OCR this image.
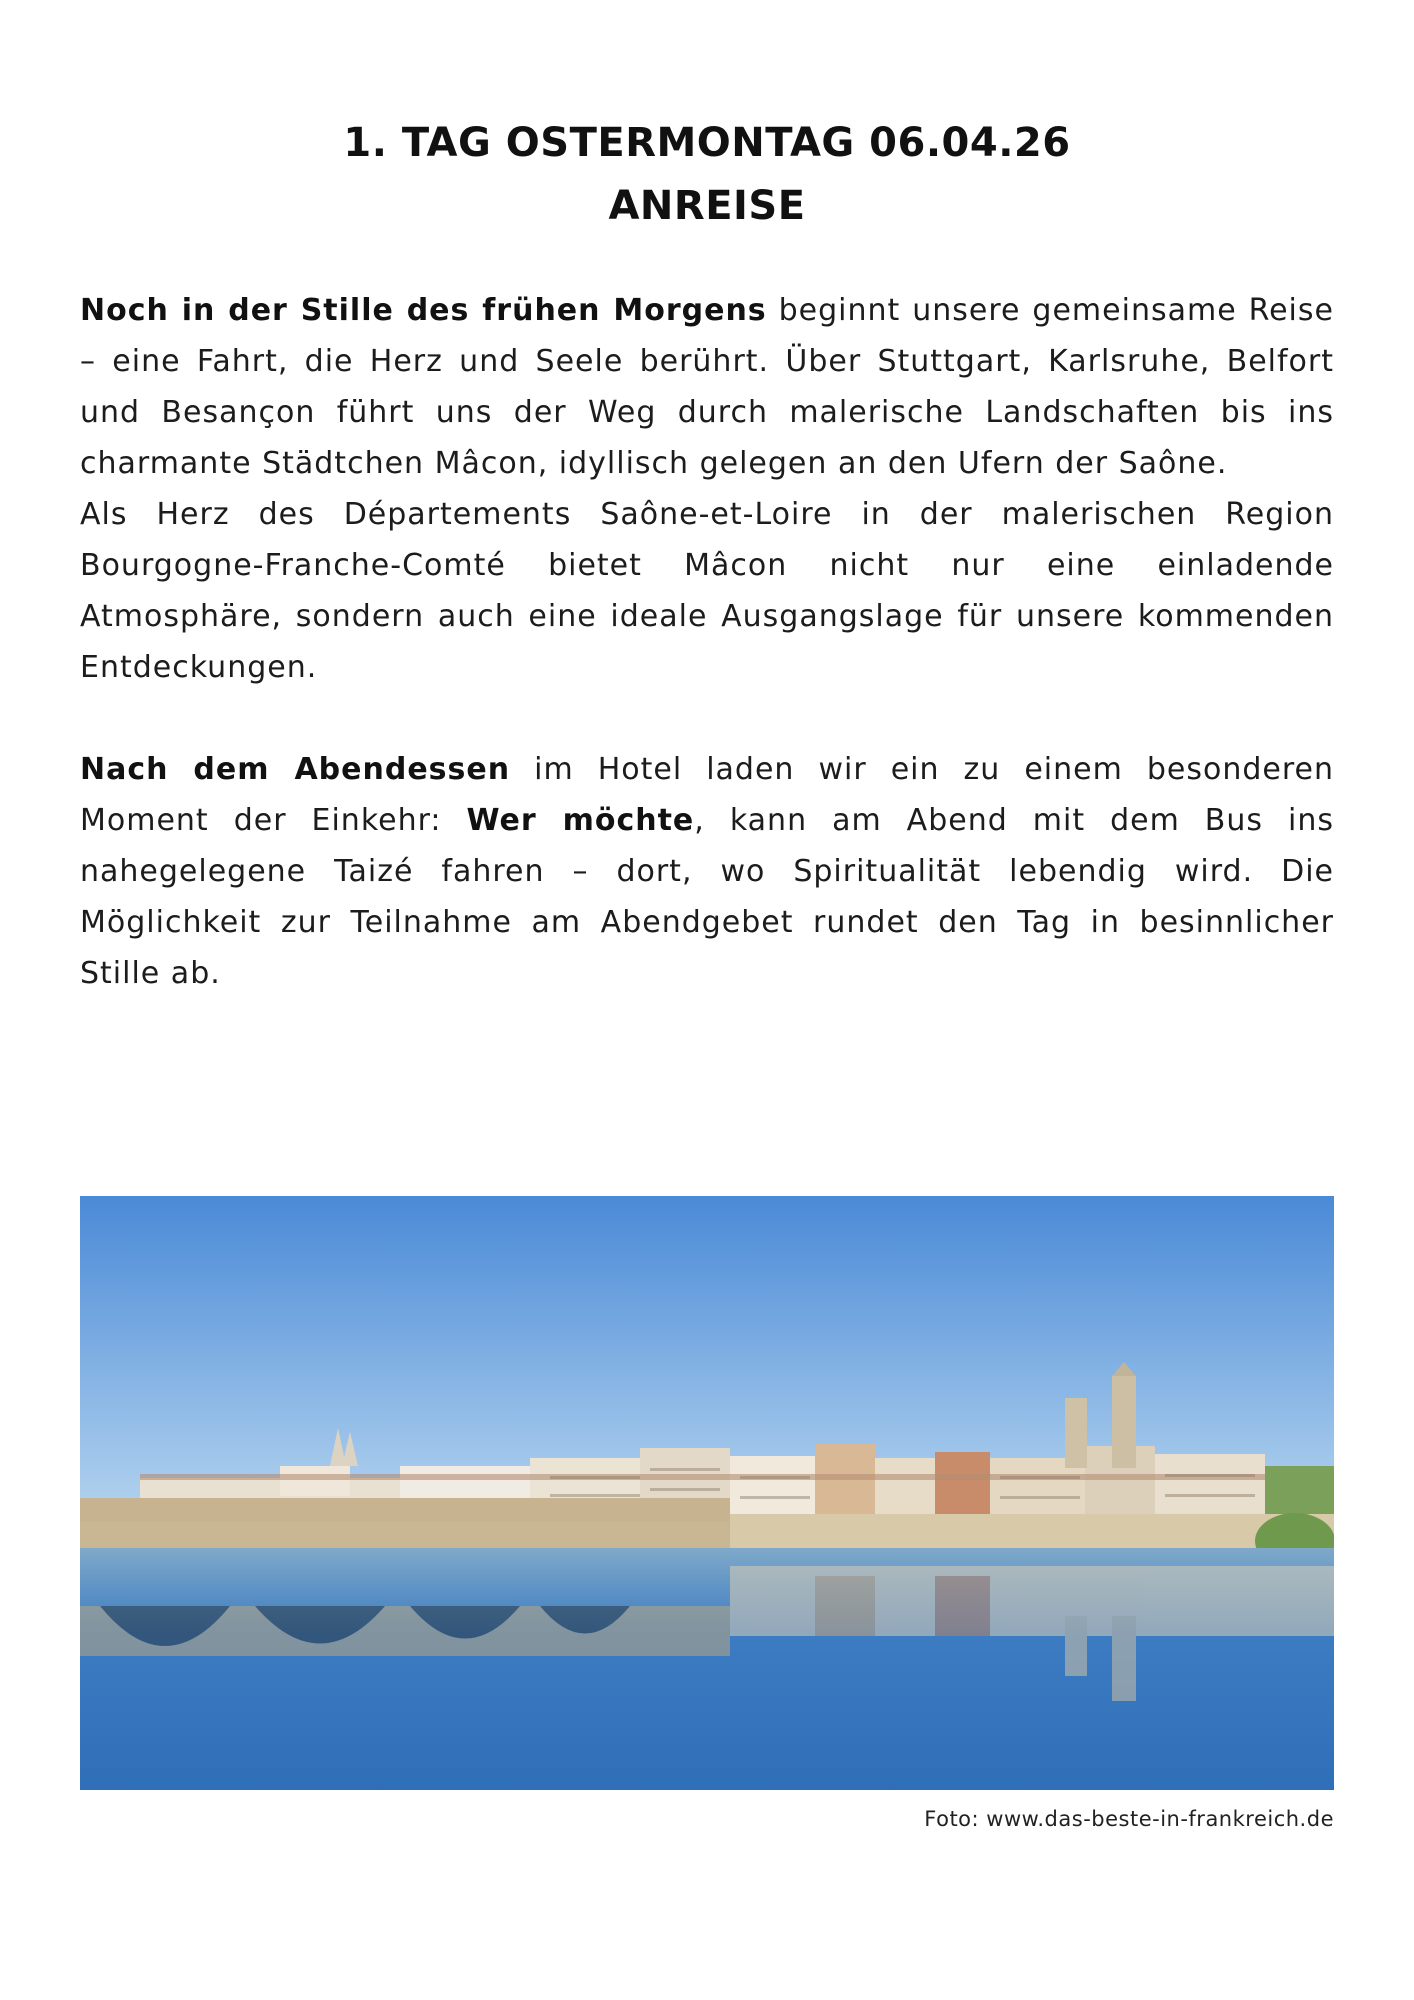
1. TAG OSTERMONTAG 06.04.26
ANREISE

Noch in der Stille des frühen Morgens beginnt unsere gemeinsame Reise – eine Fahrt, die Herz und Seele berührt. Über Stuttgart, Karlsruhe, Belfort und Besançon führt uns der Weg durch malerische Landschaften bis ins charmante Städtchen Mâcon, idyllisch gelegen an den Ufern der Saône.

Als Herz des Départements Saône-et-Loire in der malerischen Region Bourgogne-Franche-Comté bietet Mâcon nicht nur eine einladende Atmosphäre, sondern auch eine ideale Ausgangslage für unsere kommenden Entdeckungen.

Nach dem Abendessen im Hotel laden wir ein zu einem besonderen Moment der Einkehr: Wer möchte, kann am Abend mit dem Bus ins nahegelegene Taizé fahren – dort, wo Spiritualität lebendig wird. Die Möglichkeit zur Teilnahme am Abendgebet rundet den Tag in besinnlicher Stille ab.

Foto: www.das-beste-in-frankreich.de
